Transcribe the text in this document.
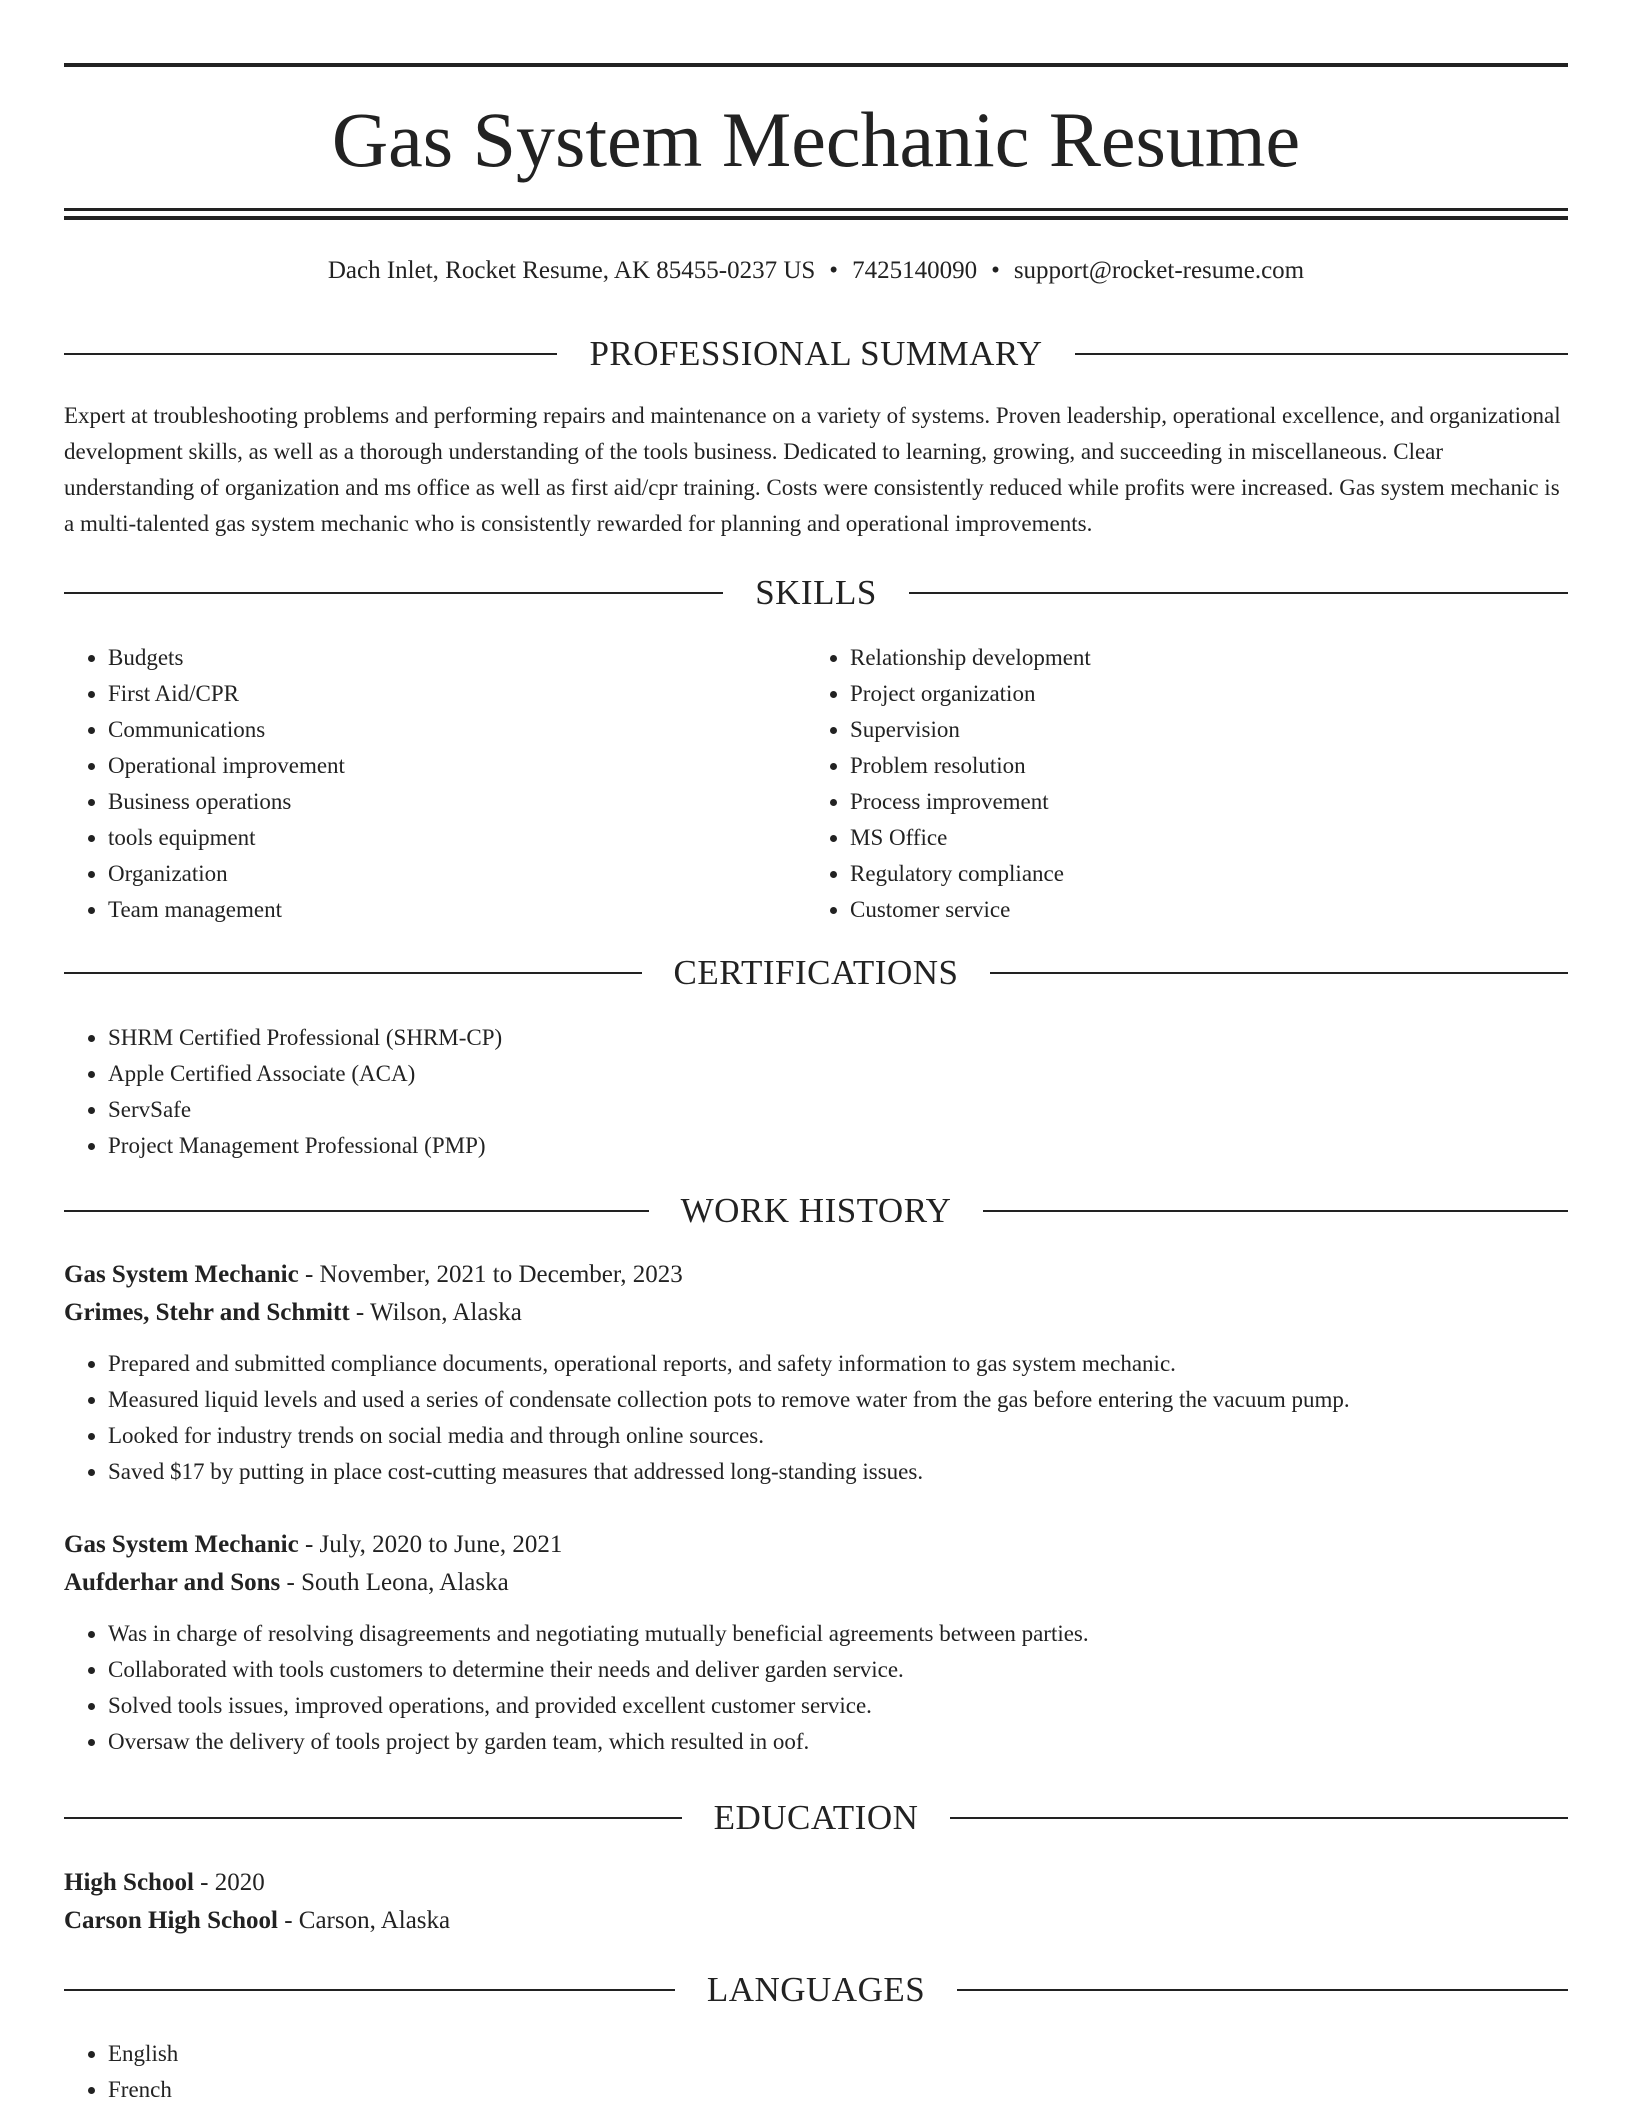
Gas System Mechanic Resume
Dach Inlet, Rocket Resume, AK 85455-0237 US • 7425140090 • support@rocket-resume.com
PROFESSIONAL SUMMARY

Expert at troubleshooting problems and performing repairs and maintenance on a variety of systems. Proven leadership, operational excellence, and organizational development skills, as well as a thorough understanding of the tools business. Dedicated to learning, growing, and succeeding in miscellaneous. Clear understanding of organization and ms office as well as first aid/cpr training. Costs were consistently reduced while profits were increased. Gas system mechanic is a multi-talented gas system mechanic who is consistently rewarded for planning and operational improvements.

SKILLS
• Budgets
• First Aid/CPR
• Communications
• Operational improvement
• Business operations
• tools equipment
• Organization
• Team management
• Relationship development
• Project organization
• Supervision
• Problem resolution
• Process improvement
• MS Office
• Regulatory compliance
• Customer service
CERTIFICATIONS
• SHRM Certified Professional (SHRM-CP)
• Apple Certified Associate (ACA)
• ServSafe
• Project Management Professional (PMP)
WORK HISTORY
Gas System Mechanic - November, 2021 to December, 2023
Grimes, Stehr and Schmitt - Wilson, Alaska
• Prepared and submitted compliance documents, operational reports, and safety information to gas system mechanic.
• Measured liquid levels and used a series of condensate collection pots to remove water from the gas before entering the vacuum pump.
• Looked for industry trends on social media and through online sources.
• Saved $17 by putting in place cost-cutting measures that addressed long-standing issues.
Gas System Mechanic - July, 2020 to June, 2021
Aufderhar and Sons - South Leona, Alaska
• Was in charge of resolving disagreements and negotiating mutually beneficial agreements between parties.
• Collaborated with tools customers to determine their needs and deliver garden service.
• Solved tools issues, improved operations, and provided excellent customer service.
• Oversaw the delivery of tools project by garden team, which resulted in oof.
EDUCATION
High School - 2020
Carson High School - Carson, Alaska
LANGUAGES
• English
• French
